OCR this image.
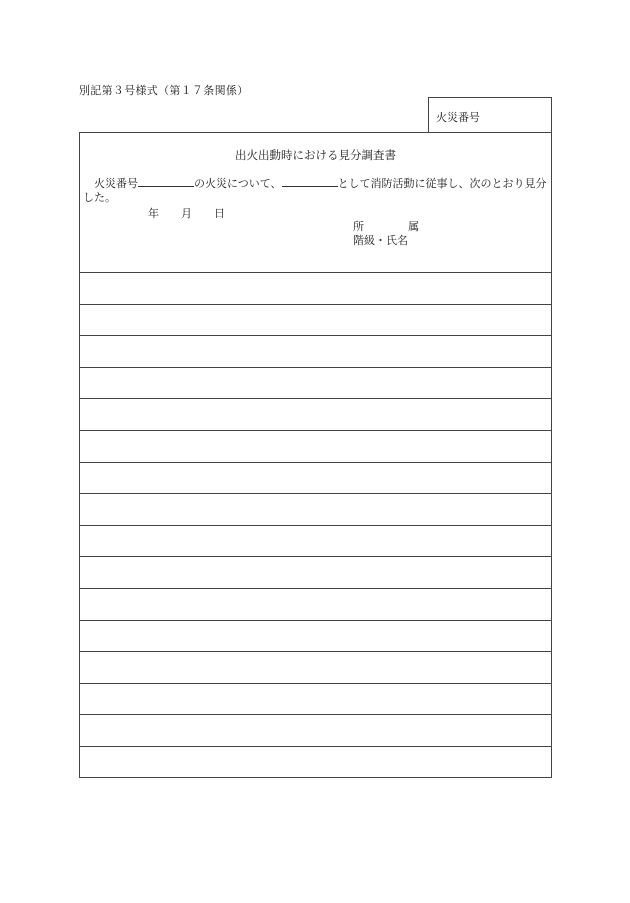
別記第３号様式（第１７条関係）
火災番号
出火出動時における見分調査書
火災番号	の火災について、	として消防活動に従事し、次のとおり見分
した。
年 月 日
所	属
階級・氏名
